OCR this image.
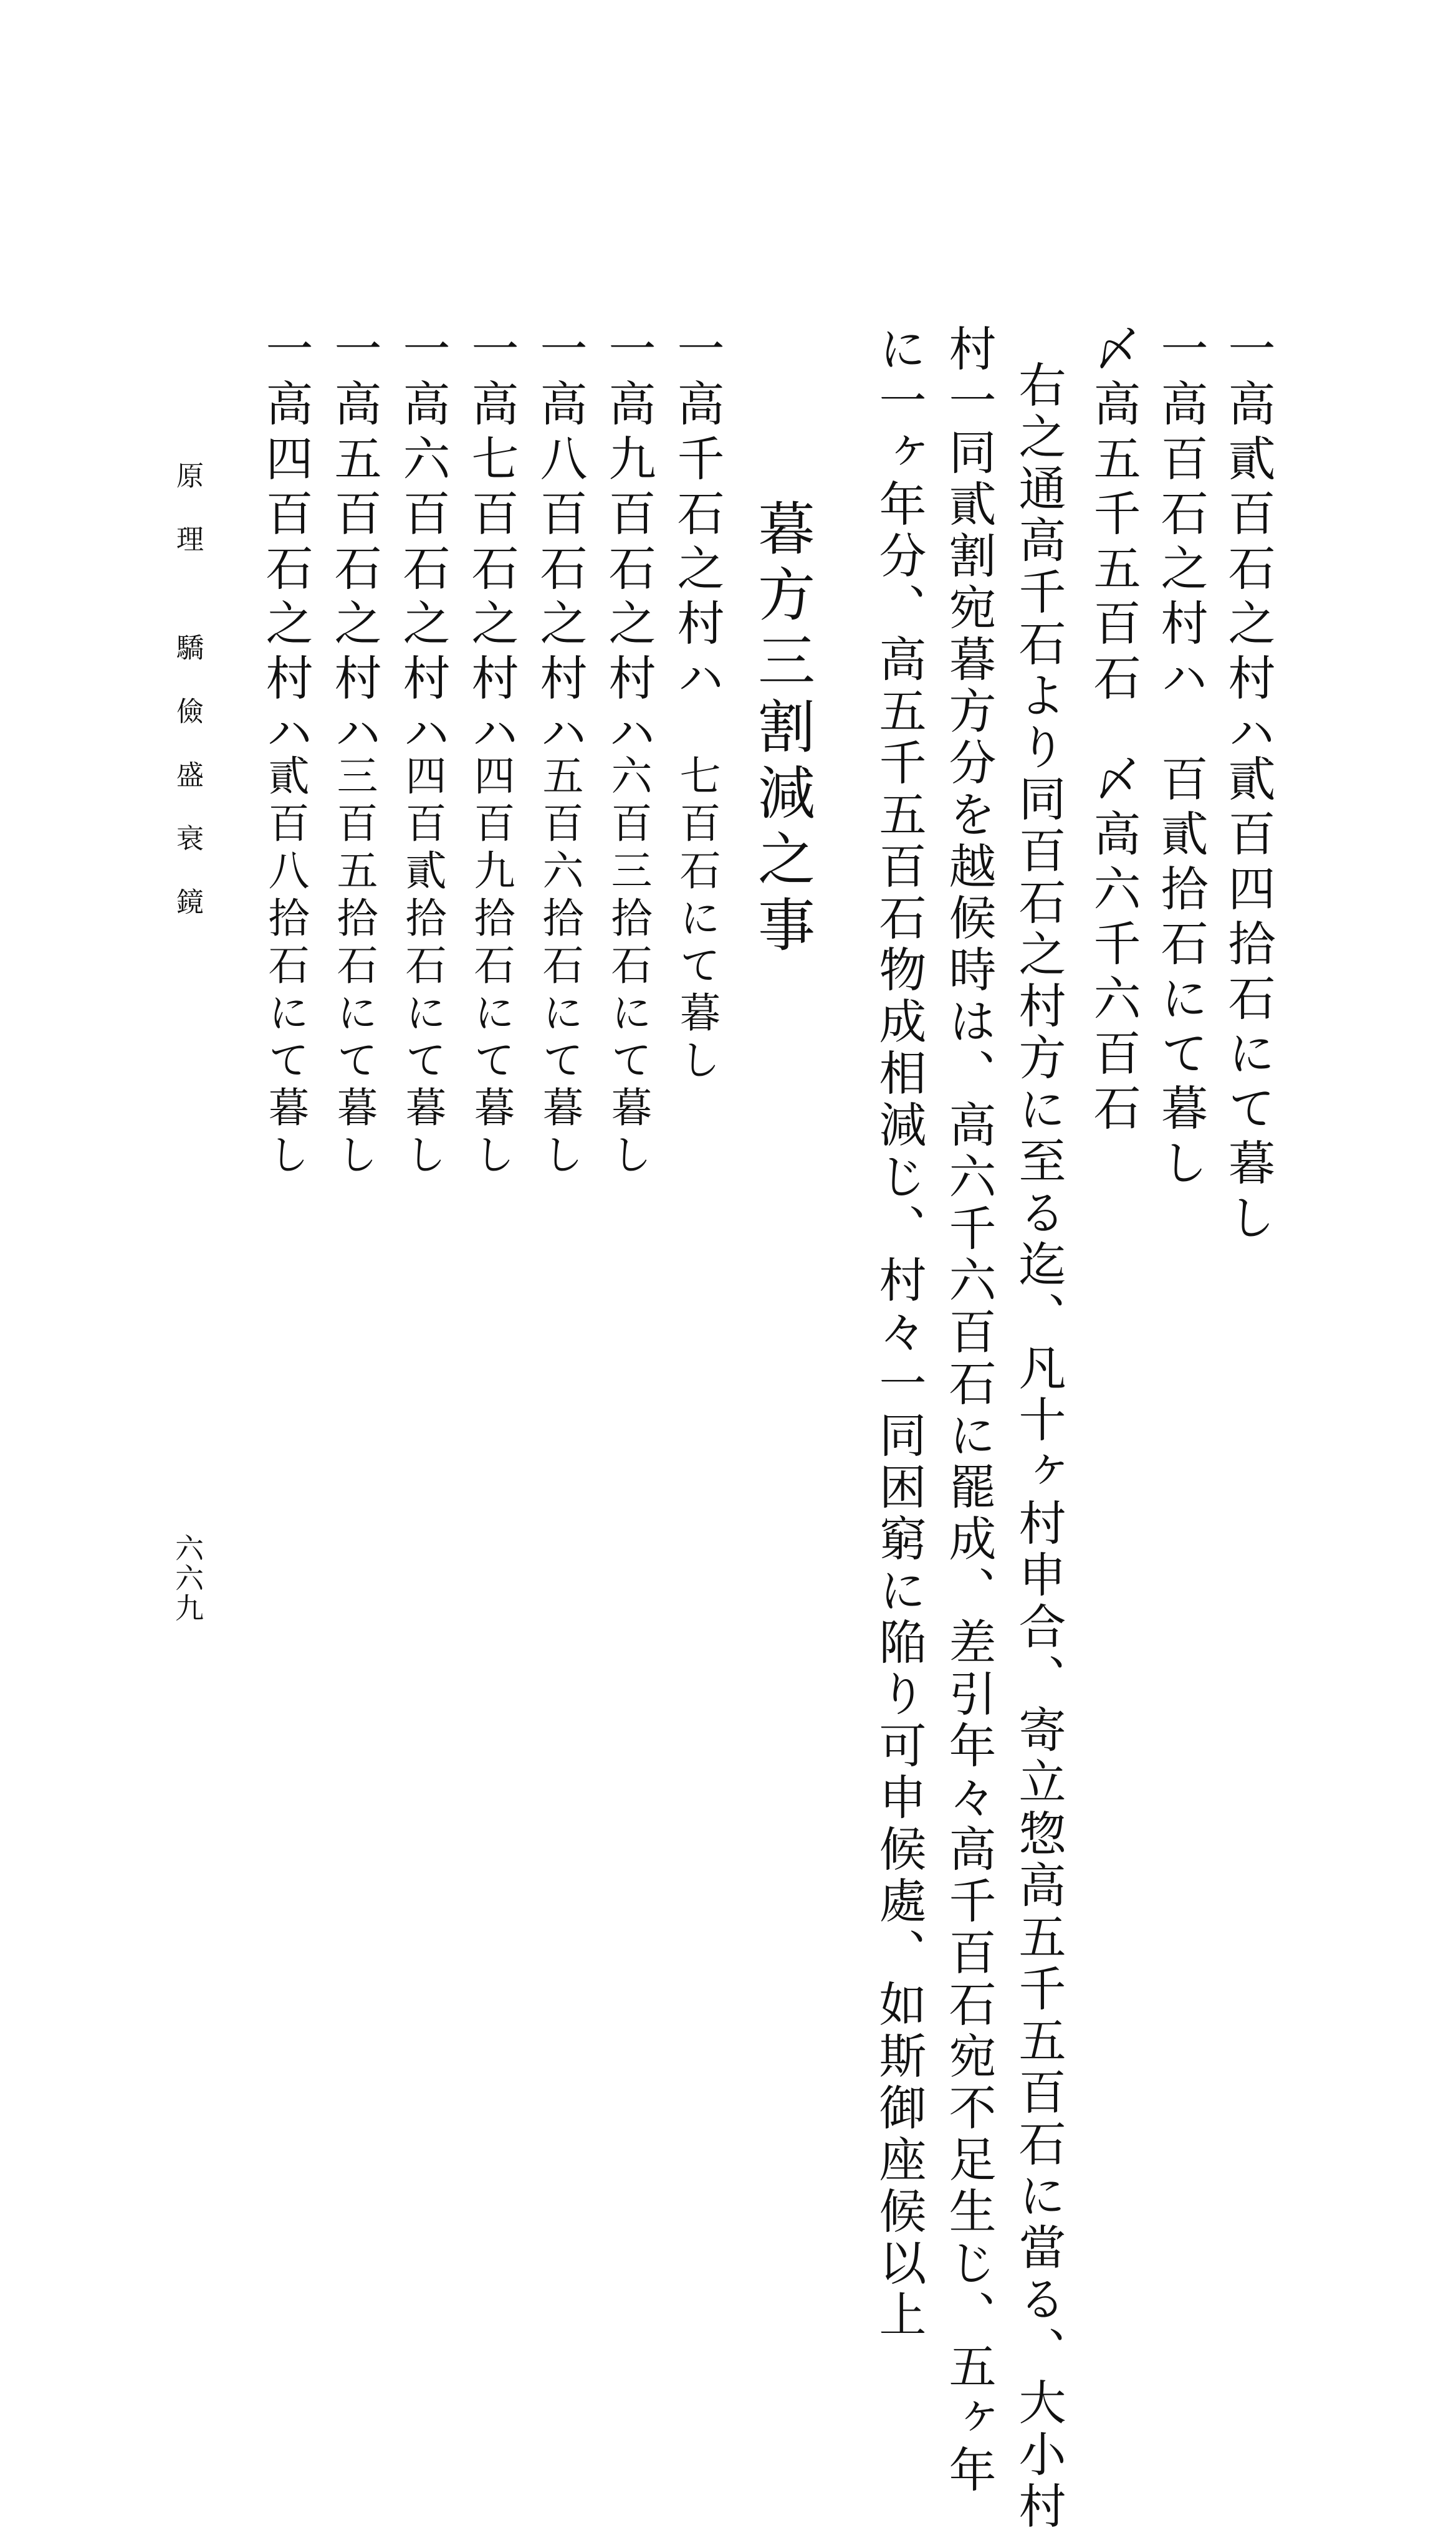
一高貳百石之村ハ
貳百四拾石にて暮し
一高百石之村ハ
百貳拾石にて暮し
〆高五千五百石
〆高六千六百石
右之通高千石より同百石之村方に至る迄、凡十ヶ村申合、寄立惣高五千五百石に當る、大小村
村一同貳割宛暮方分を越候時は、高六千六百石に罷成、差引年々高千百石宛不足生じ、五ヶ年
に一ヶ年分、高五千五百石物成相減じ、村々一同困窮に陥り可申候處、如斯御座候以上
暮方三割減之事
一高千石之村ハ
七百石にて暮し
一高九百石之村ハ
六百三拾石にて暮し
一高八百石之村ハ
五百六拾石にて暮し
一高七百石之村ハ
四百九拾石にて暮し
一高六百石之村ハ
四百貳拾石にて暮し
一高五百石之村ハ
三百五拾石にて暮し
一高四百石之村ハ
貳百八拾石にて暮し
原理 驕儉盛衰鏡
六六九
